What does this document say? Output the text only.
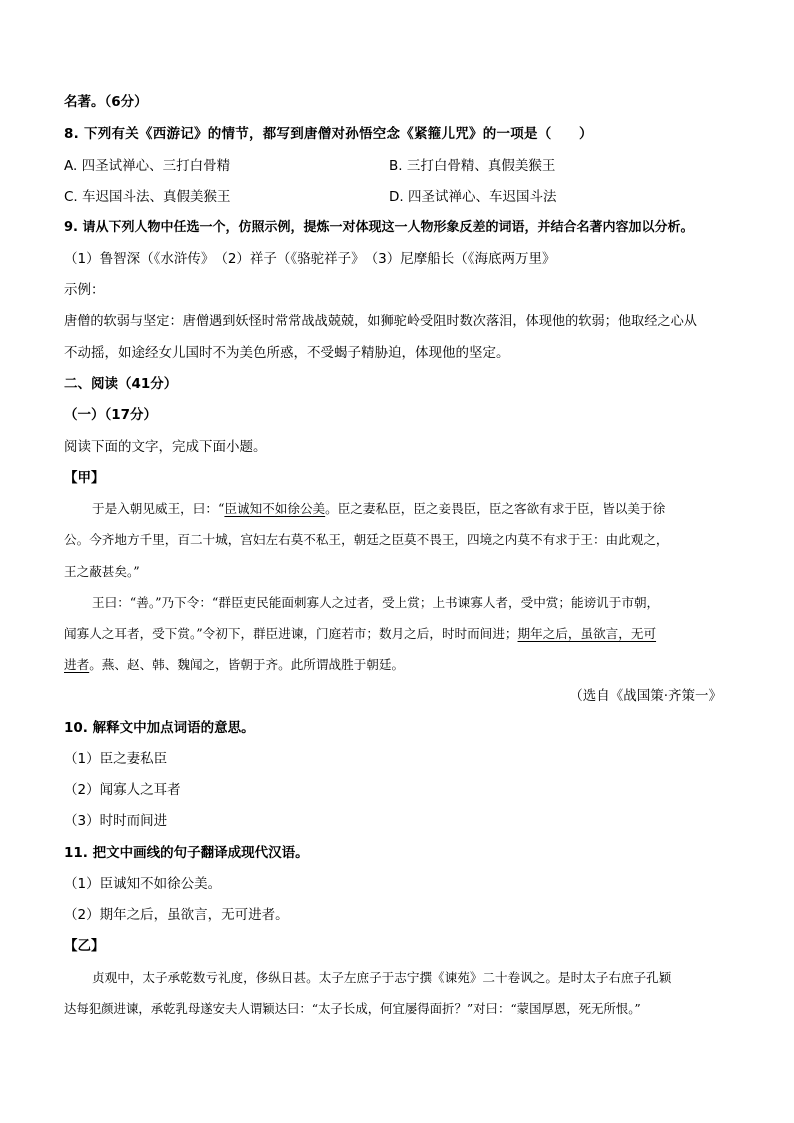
名著。（6分）
8. 下列有关《西游记》的情节，都写到唐僧对孙悟空念《紧箍儿咒》的一项是（　　）
A. 四圣试禅心、三打白骨精	B. 三打白骨精、真假美猴王
C. 车迟国斗法、真假美猴王	D. 四圣试禅心、车迟国斗法
9. 请从下列人物中任选一个，仿照示例，提炼一对体现这一人物形象反差的词语，并结合名著内容加以分析。
（1）鲁智深（《水浒传》　（2）祥子（《骆驼祥子》　（3）尼摩船长（《海底两万里》
示例：
唐僧的软弱与坚定：唐僧遇到妖怪时常常战战兢兢，如狮驼岭受阻时数次落泪，体现他的软弱；他取经之心从
不动摇，如途经女儿国时不为美色所惑，不受蝎子精胁迫，体现他的坚定。
二、阅读（41分）
（一）（17分）
阅读下面的文字，完成下面小题。
【甲】
于是入朝见威王，曰：“臣诚知不如徐公美。臣之妻私臣，臣之妾畏臣，臣之客欲有求于臣，皆以美于徐
公。今齐地方千里，百二十城，宫妇左右莫不私王，朝廷之臣莫不畏王，四境之内莫不有求于王：由此观之，
王之蔽甚矣。”
王曰：“善。”乃下令：“群臣吏民能面刺寡人之过者，受上赏；上书谏寡人者，受中赏；能谤讥于市朝，
闻寡人之耳者，受下赏。”令初下，群臣进谏，门庭若市；数月之后，时时而间进；期年之后，虽欲言，无可
进者。燕、赵、韩、魏闻之，皆朝于齐。此所谓战胜于朝廷。
（选自《战国策·齐策一》
10. 解释文中加点词语的意思。
（1）臣之妻私臣
（2）闻寡人之耳者
（3）时时而间进
11. 把文中画线的句子翻译成现代汉语。
（1）臣诚知不如徐公美。
（2）期年之后，虽欲言，无可进者。
【乙】
贞观中，太子承乾数亏礼度，侈纵日甚。太子左庶子于志宁撰《谏苑》二十卷讽之。是时太子右庶子孔颖
达每犯颜进谏，承乾乳母遂安夫人谓颖达曰：“太子长成，何宜屡得面折？”对曰：“蒙国厚恩，死无所恨。”
